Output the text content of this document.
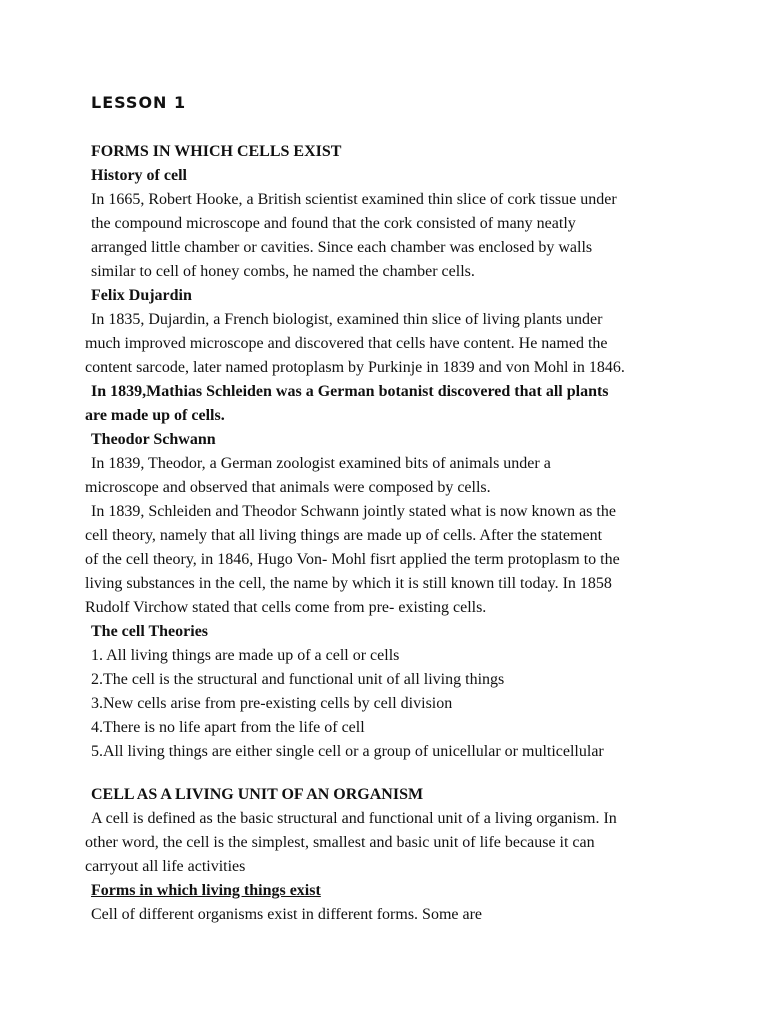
LESSON 1
FORMS IN WHICH CELLS EXIST
History of cell
In 1665, Robert Hooke, a British scientist examined thin slice of cork tissue under
the compound microscope and found that the cork consisted of many neatly
arranged little chamber or cavities. Since each chamber was enclosed by walls
similar to cell of honey combs, he named the chamber cells.
Felix Dujardin
In 1835, Dujardin, a French biologist, examined thin slice of living plants under
much improved microscope and discovered that cells have content. He named the
content sarcode, later named protoplasm by Purkinje in 1839 and von Mohl in 1846.
In 1839,Mathias Schleiden was a German botanist discovered that all plants
are made up of cells.
Theodor Schwann
In 1839, Theodor, a German zoologist examined bits of animals under a
microscope and observed that animals were composed by cells.
In 1839, Schleiden and Theodor Schwann jointly stated what is now known as the
cell theory, namely that all living things are made up of cells. After the statement
of the cell theory, in 1846, Hugo Von- Mohl fisrt applied the term protoplasm to the
living substances in the cell, the name by which it is still known till today. In 1858
Rudolf Virchow stated that cells come from pre- existing cells.
The cell Theories
1. All living things are made up of a cell or cells
2.The cell is the structural and functional unit of all living things
3.New cells arise from pre-existing cells by cell division
4.There is no life apart from the life of cell
5.All living things are either single cell or a group of unicellular or multicellular
CELL AS A LIVING UNIT OF AN ORGANISM
A cell is defined as the basic structural and functional unit of a living organism. In
other word, the cell is the simplest, smallest and basic unit of life because it can
carryout all life activities
Forms in which living things exist
Cell of different organisms exist in different forms. Some are
